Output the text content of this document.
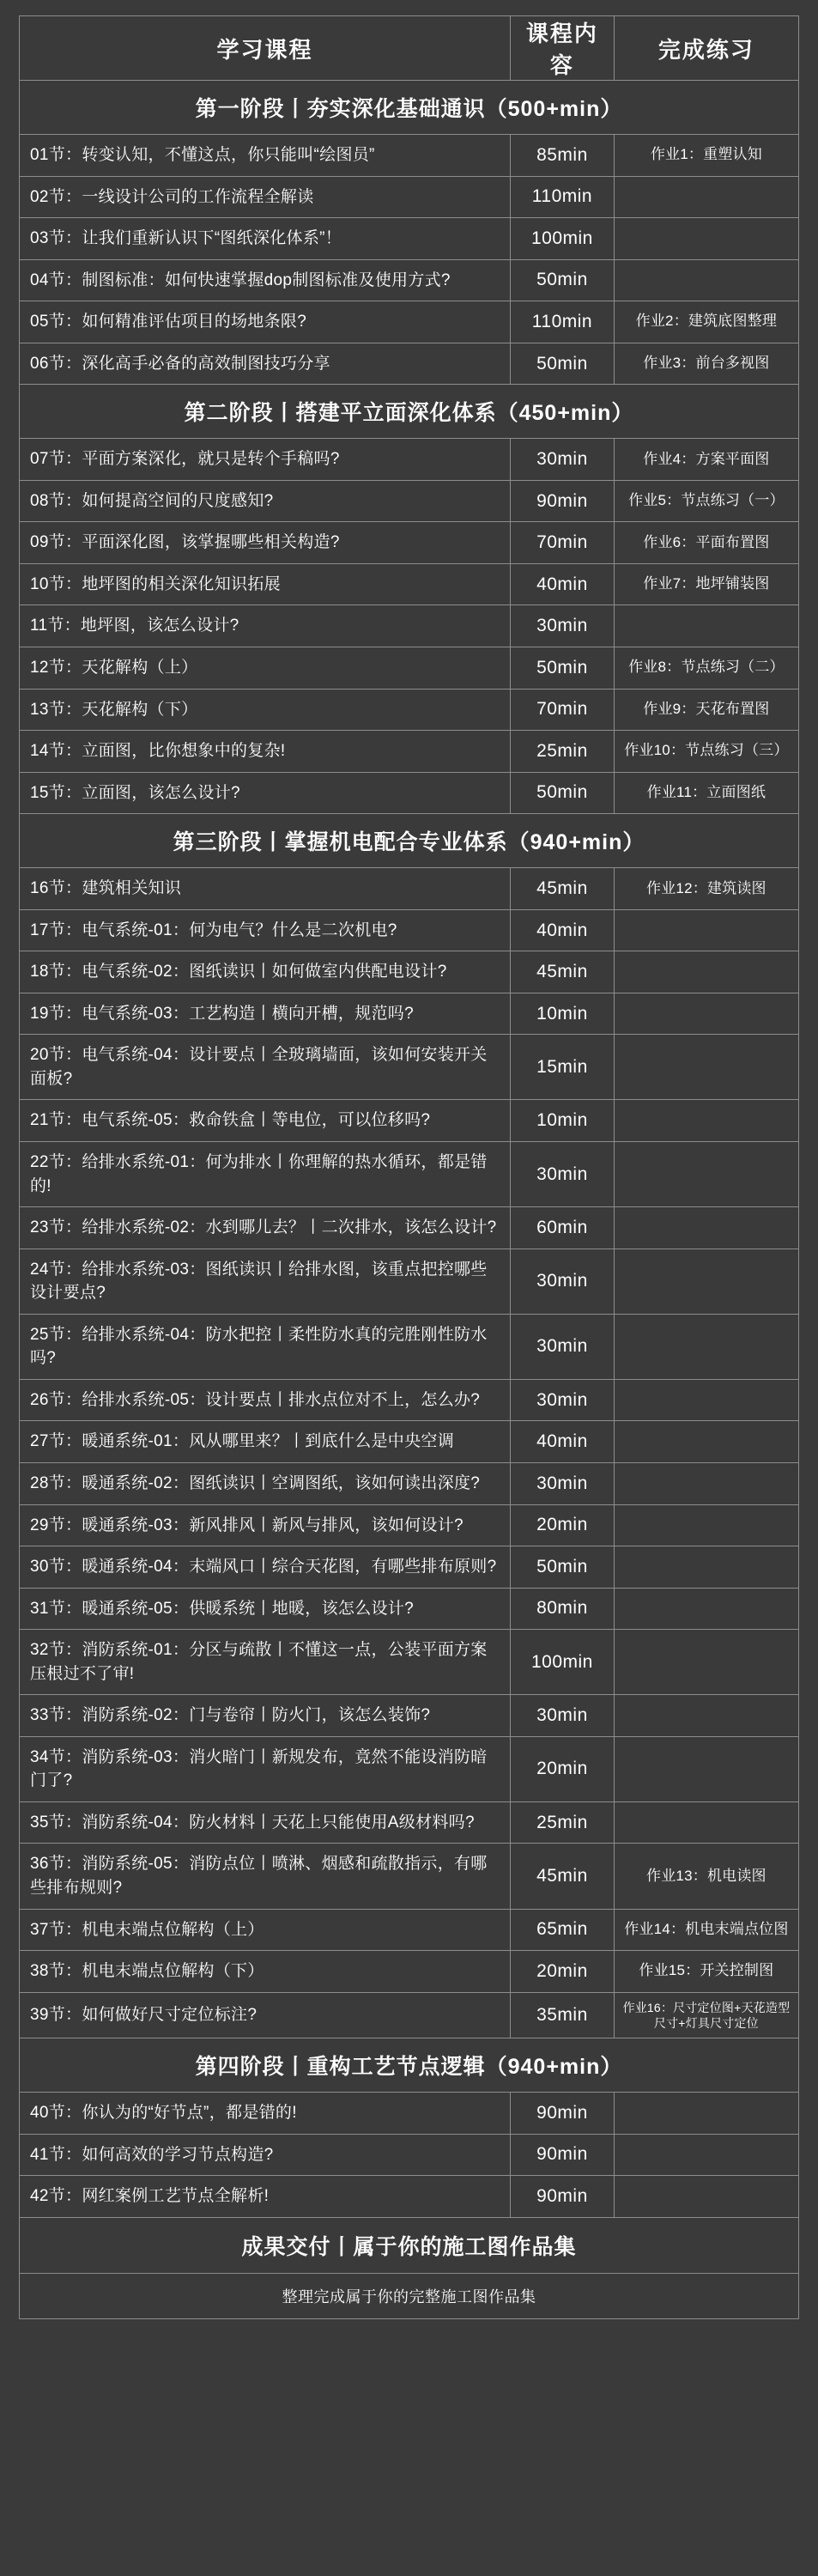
学习课程	课程内容	完成练习
第一阶段丨夯实深化基础通识（500+min）		
01节：转变认知，不懂这点，你只能叫“绘图员”	85min	作业1：重塑认知
02节：一线设计公司的工作流程全解读	110min	
03节：让我们重新认识下“图纸深化体系”！	100min	
04节：制图标准：如何快速掌握dop制图标准及使用方式?	50min	
05节：如何精准评估项目的场地条限?	110min	作业2：建筑底图整理
06节：深化高手必备的高效制图技巧分享	50min	作业3：前台多视图
第二阶段丨搭建平立面深化体系（450+min）		
07节：平面方案深化，就只是转个手稿吗?	30min	作业4：方案平面图
08节：如何提高空间的尺度感知?	90min	作业5：节点练习（一）
09节：平面深化图，该掌握哪些相关构造?	70min	作业6：平面布置图
10节：地坪图的相关深化知识拓展	40min	作业7：地坪铺装图
11节：地坪图，该怎么设计?	30min	
12节：天花解构（上）	50min	作业8：节点练习（二）
13节：天花解构（下）	70min	作业9：天花布置图
14节：立面图，比你想象中的复杂!	25min	作业10：节点练习（三）
15节：立面图，该怎么设计?	50min	作业11：立面图纸
第三阶段丨掌握机电配合专业体系（940+min）		
16节：建筑相关知识	45min	作业12：建筑读图
17节：电气系统-01：何为电气？什么是二次机电?	40min	
18节：电气系统-02：图纸读识丨如何做室内供配电设计?	45min	
19节：电气系统-03：工艺构造丨横向开槽，规范吗?	10min	
20节：电气系统-04：设计要点丨全玻璃墙面，该如何安装开关面板?	15min	
21节：电气系统-05：救命铁盒丨等电位，可以位移吗?	10min	
22节：给排水系统-01：何为排水丨你理解的热水循环，都是错的!	30min	
23节：给排水系统-02：水到哪儿去？丨二次排水，该怎么设计?	60min	
24节：给排水系统-03：图纸读识丨给排水图，该重点把控哪些设计要点?	30min	
25节：给排水系统-04：防水把控丨柔性防水真的完胜刚性防水吗?	30min	
26节：给排水系统-05：设计要点丨排水点位对不上，怎么办?	30min	
27节：暖通系统-01：风从哪里来？丨到底什么是中央空调	40min	
28节：暖通系统-02：图纸读识丨空调图纸，该如何读出深度?	30min	
29节：暖通系统-03：新风排风丨新风与排风，该如何设计?	20min	
30节：暖通系统-04：末端风口丨综合天花图，有哪些排布原则?	50min	
31节：暖通系统-05：供暖系统丨地暖，该怎么设计?	80min	
32节：消防系统-01：分区与疏散丨不懂这一点，公装平面方案压根过不了审!	100min	
33节：消防系统-02：门与卷帘丨防火门，该怎么装饰?	30min	
34节：消防系统-03：消火暗门丨新规发布，竟然不能设消防暗门了?	20min	
35节：消防系统-04：防火材料丨天花上只能使用A级材料吗?	25min	
36节：消防系统-05：消防点位丨喷淋、烟感和疏散指示，有哪些排布规则?	45min	作业13：机电读图
37节：机电末端点位解构（上）	65min	作业14：机电末端点位图
38节：机电末端点位解构（下）	20min	作业15：开关控制图
39节：如何做好尺寸定位标注?	35min	作业16：尺寸定位图+天花造型尺寸+灯具尺寸定位
第四阶段丨重构工艺节点逻辑（940+min）		
40节：你认为的“好节点”，都是错的!	90min	
41节：如何高效的学习节点构造?	90min	
42节：网红案例工艺节点全解析!	90min	
成果交付丨属于你的施工图作品集		
整理完成属于你的完整施工图作品集		
